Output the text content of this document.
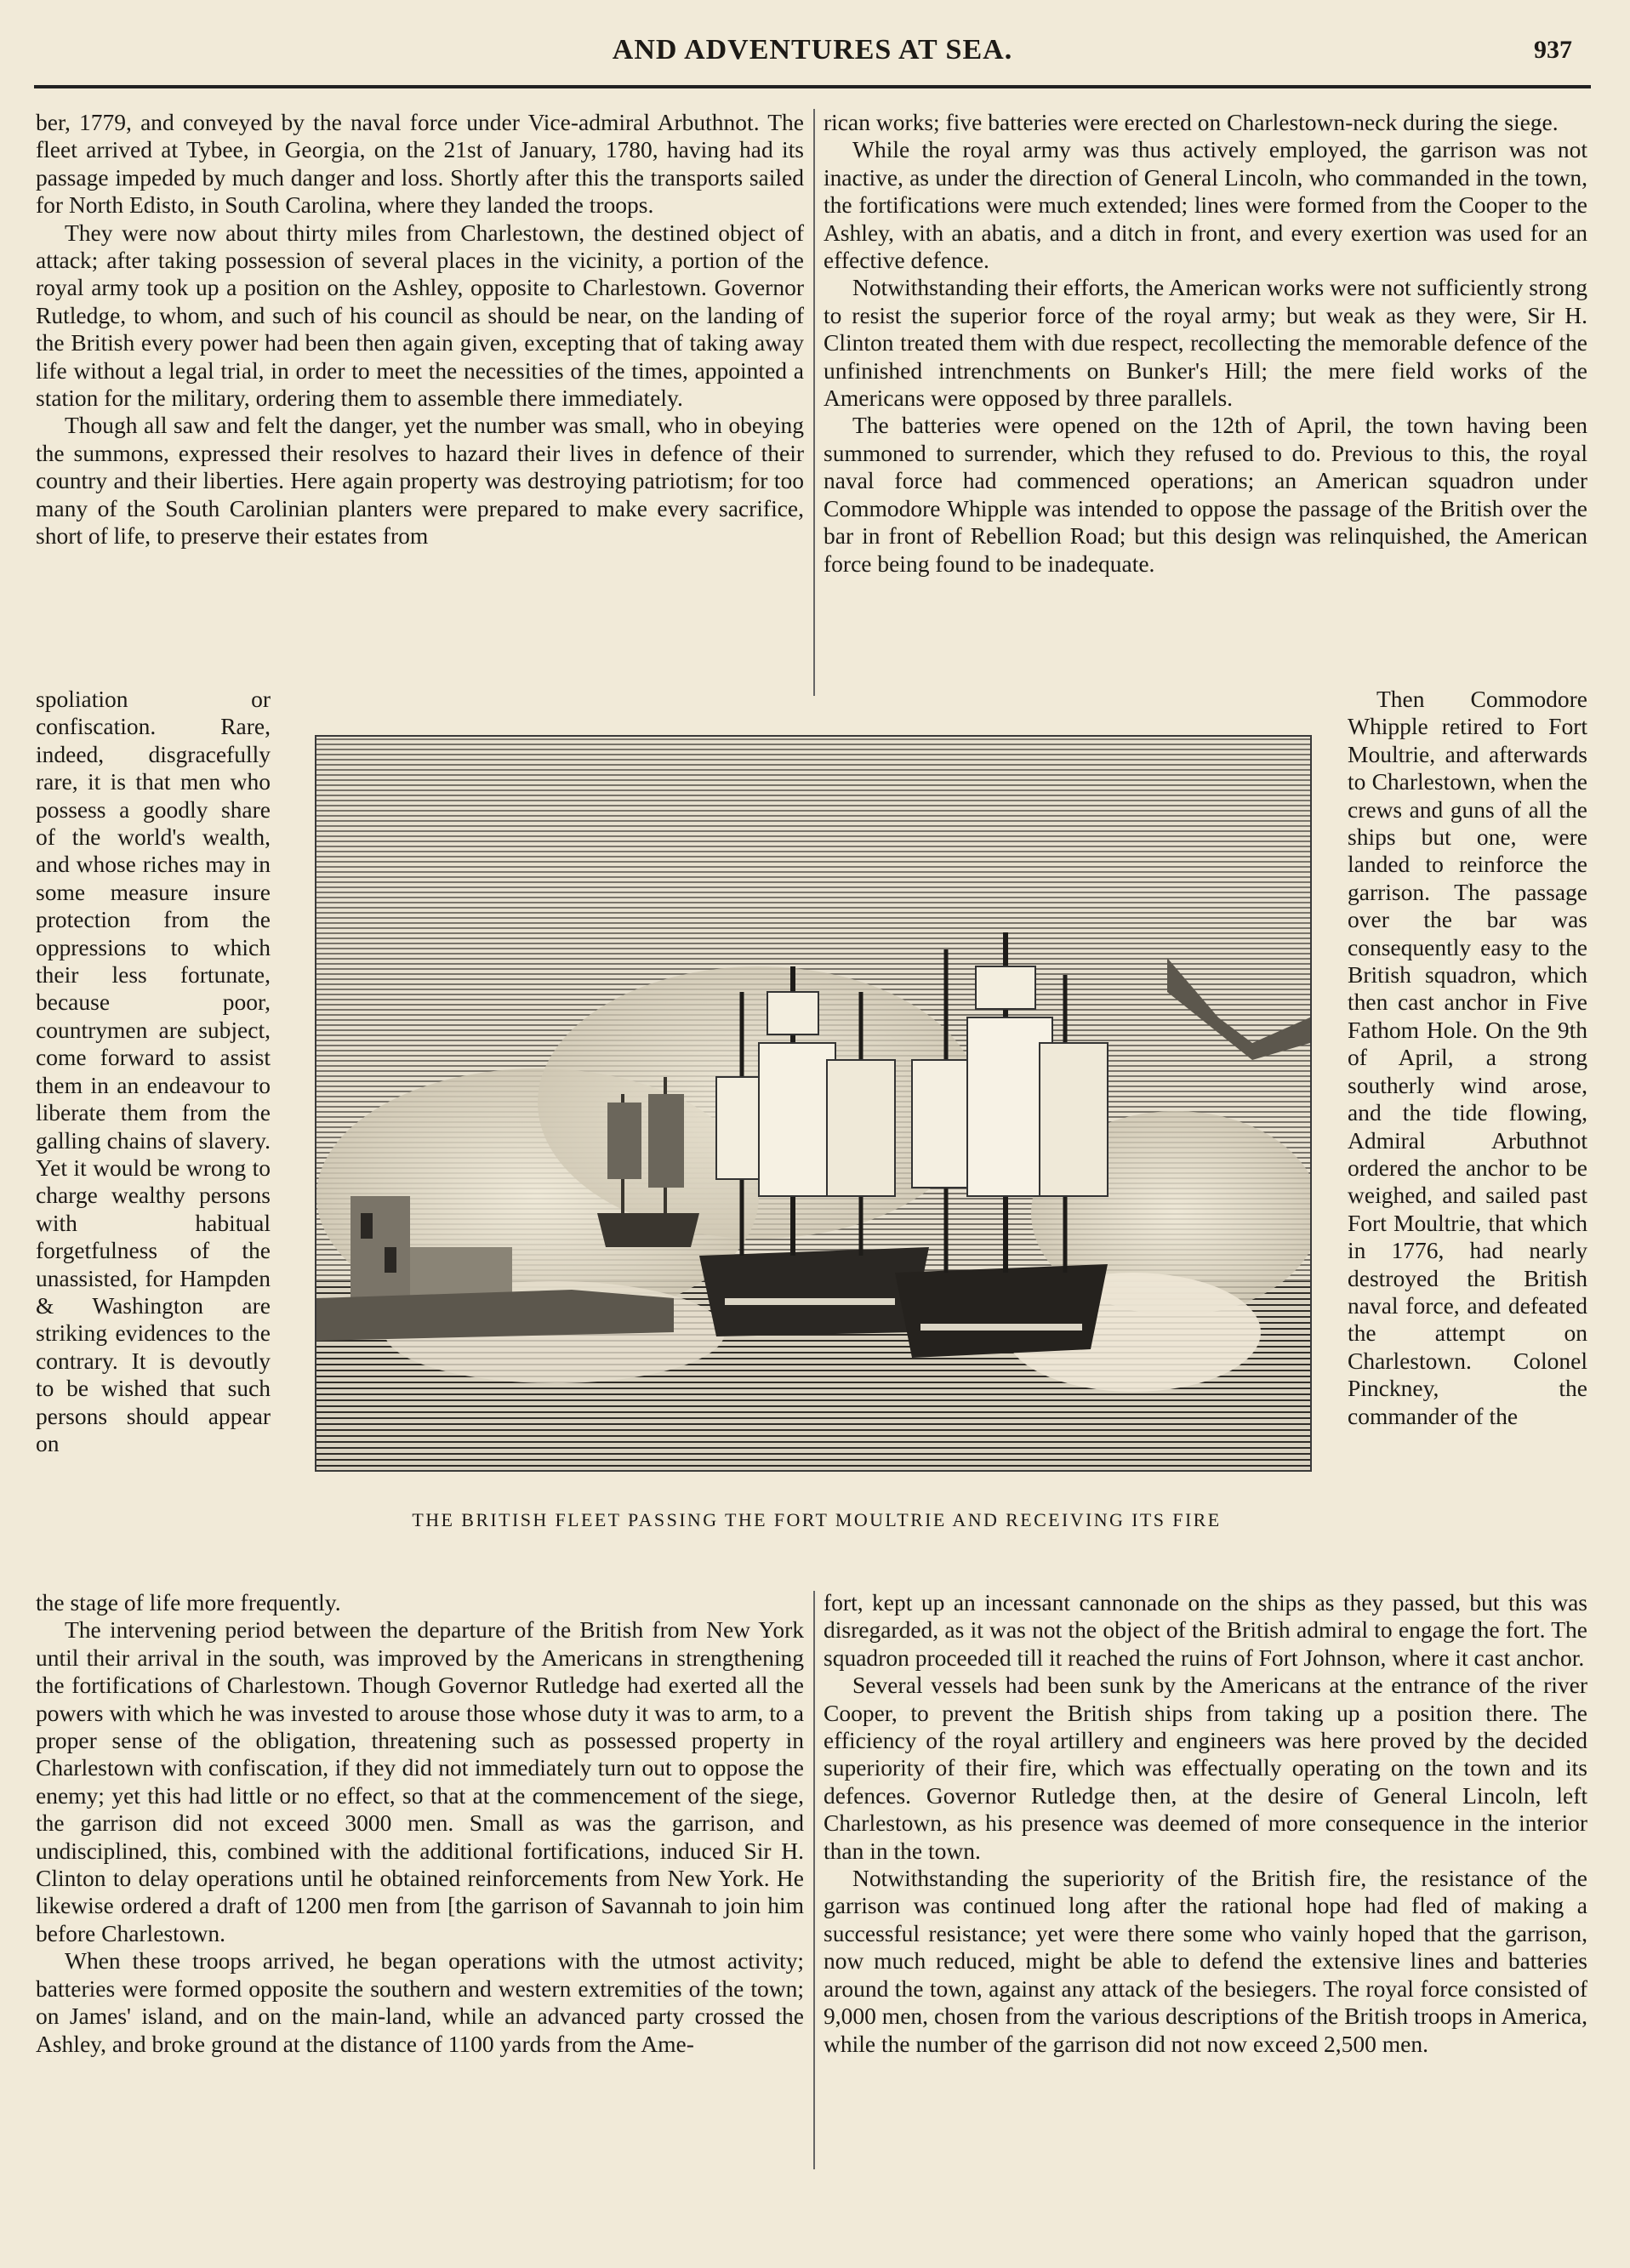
AND ADVENTURES AT SEA.	937

ber, 1779, and conveyed by the naval force under Vice-admiral Arbuthnot. The fleet arrived at Tybee, in Georgia, on the 21st of January, 1780, having had its passage impeded by much danger and loss. Shortly after this the transports sailed for North Edisto, in South Carolina, where they landed the troops.

They were now about thirty miles from Charlestown, the destined object of attack; after taking possession of several places in the vicinity, a portion of the royal army took up a position on the Ashley, opposite to Charlestown. Governor Rutledge, to whom, and such of his council as should be near, on the landing of the British every power had been then again given, excepting that of taking away life without a legal trial, in order to meet the necessities of the times, appointed a station for the military, ordering them to assemble there immediately.

Though all saw and felt the danger, yet the number was small, who in obeying the summons, expressed their resolves to hazard their lives in defence of their country and their liberties. Here again property was destroying patriotism; for too many of the South Carolinian planters were prepared to make every sacrifice, short of life, to preserve their estates from

rican works; five batteries were erected on Charlestown-neck during the siege.

While the royal army was thus actively employed, the garrison was not inactive, as under the direction of General Lincoln, who commanded in the town, the fortifications were much extended; lines were formed from the Cooper to the Ashley, with an abatis, and a ditch in front, and every exertion was used for an effective defence.

Notwithstanding their efforts, the American works were not sufficiently strong to resist the superior force of the royal army; but weak as they were, Sir H. Clinton treated them with due respect, recollecting the memorable defence of the unfinished intrenchments on Bunker's Hill; the mere field works of the Americans were opposed by three parallels.

The batteries were opened on the 12th of April, the town having been summoned to surrender, which they refused to do. Previous to this, the royal naval force had commenced operations; an American squadron under Commodore Whipple was intended to oppose the passage of the British over the bar in front of Rebellion Road; but this design was relinquished, the American force being found to be inadequate.

spoliation or confiscation. Rare, indeed, disgracefully rare, it is that men who possess a goodly share of the world's wealth, and whose riches may in some measure insure protection from the oppressions to which their less fortunate, because poor, countrymen are subject, come forward to assist them in an endeavour to liberate them from the galling chains of slavery. Yet it would be wrong to charge wealthy persons with habitual forgetfulness of the unassisted, for Hampden & Washington are striking evidences to the contrary. It is devoutly to be wished that such persons should appear on

Then Commodore Whipple retired to Fort Moultrie, and afterwards to Charlestown, when the crews and guns of all the ships but one, were landed to reinforce the garrison. The passage over the bar was consequently easy to the British squadron, which then cast anchor in Five Fathom Hole. On the 9th of April, a strong southerly wind arose, and the tide flowing, Admiral Arbuthnot ordered the anchor to be weighed, and sailed past Fort Moultrie, that which in 1776, had nearly destroyed the British naval force, and defeated the attempt on Charlestown. Colonel Pinckney, the commander of the

THE BRITISH FLEET PASSING THE FORT MOULTRIE AND RECEIVING ITS FIRE

the stage of life more frequently.

The intervening period between the departure of the British from New York until their arrival in the south, was improved by the Americans in strengthening the fortifications of Charlestown. Though Governor Rutledge had exerted all the powers with which he was invested to arouse those whose duty it was to arm, to a proper sense of the obligation, threatening such as possessed property in Charlestown with confiscation, if they did not immediately turn out to oppose the enemy; yet this had little or no effect, so that at the commencement of the siege, the garrison did not exceed 3000 men. Small as was the garrison, and undisciplined, this, combined with the additional fortifications, induced Sir H. Clinton to delay operations until he obtained reinforcements from New York. He likewise ordered a draft of 1200 men from [the garrison of Savannah to join him before Charlestown.

When these troops arrived, he began operations with the utmost activity; batteries were formed opposite the southern and western extremities of the town; on James' island, and on the main-land, while an advanced party crossed the Ashley, and broke ground at the distance of 1100 yards from the Ame-

fort, kept up an incessant cannonade on the ships as they passed, but this was disregarded, as it was not the object of the British admiral to engage the fort. The squadron proceeded till it reached the ruins of Fort Johnson, where it cast anchor.

Several vessels had been sunk by the Americans at the entrance of the river Cooper, to prevent the British ships from taking up a position there. The efficiency of the royal artillery and engineers was here proved by the decided superiority of their fire, which was effectually operating on the town and its defences. Governor Rutledge then, at the desire of General Lincoln, left Charlestown, as his presence was deemed of more consequence in the interior than in the town.

Notwithstanding the superiority of the British fire, the resistance of the garrison was continued long after the rational hope had fled of making a successful resistance; yet were there some who vainly hoped that the garrison, now much reduced, might be able to defend the extensive lines and batteries around the town, against any attack of the besiegers. The royal force consisted of 9,000 men, chosen from the various descriptions of the British troops in America, while the number of the garrison did not now exceed 2,500 men.
